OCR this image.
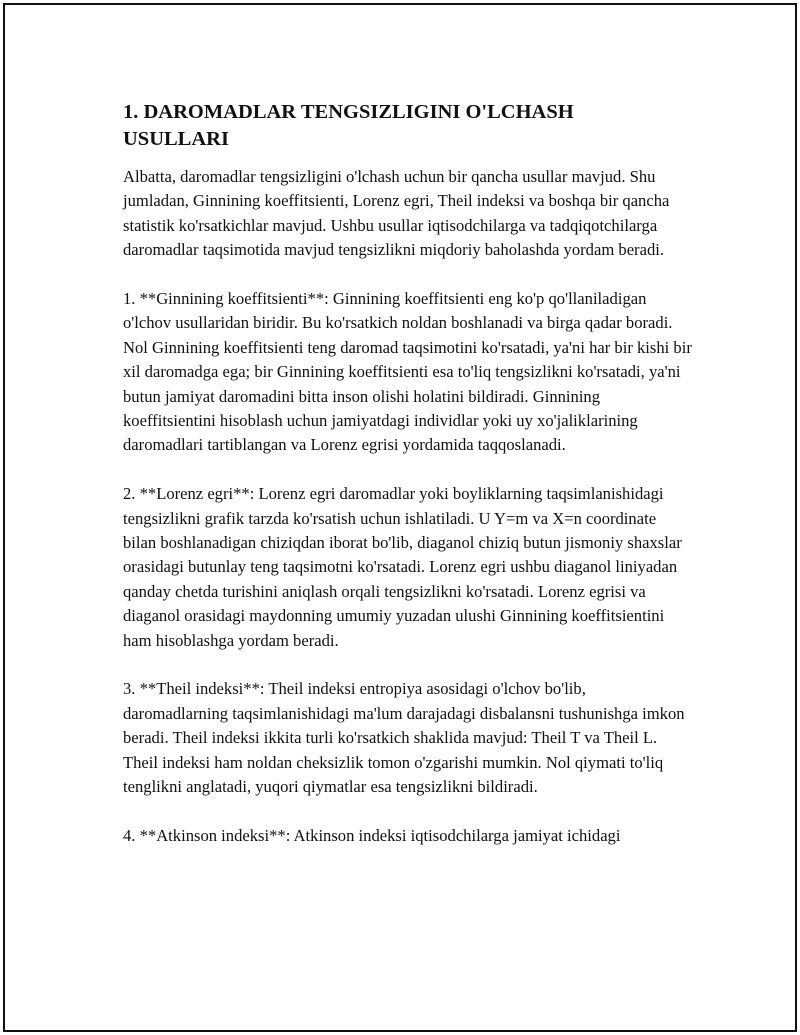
1. DAROMADLAR TENGSIZLIGINI O'LCHASH USULLARI

Albatta, daromadlar tengsizligini o'lchash uchun bir qancha usullar mavjud. Shu jumladan, Ginnining koeffitsienti, Lorenz egri, Theil indeksi va boshqa bir qancha statistik ko'rsatkichlar mavjud. Ushbu usullar iqtisodchilarga va tadqiqotchilarga daromadlar taqsimotida mavjud tengsizlikni miqdoriy baholashda yordam beradi.

1. **Ginnining koeffitsienti**: Ginnining koeffitsienti eng ko'p qo'llaniladigan o'lchov usullaridan biridir. Bu ko'rsatkich noldan boshlanadi va birga qadar boradi. Nol Ginnining koeffitsienti teng daromad taqsimotini ko'rsatadi, ya'ni har bir kishi bir xil daromadga ega; bir Ginnining koeffitsienti esa to'liq tengsizlikni ko'rsatadi, ya'ni butun jamiyat daromadini bitta inson olishi holatini bildiradi. Ginnining koeffitsientini hisoblash uchun jamiyatdagi individlar yoki uy xo'jaliklarining daromadlari tartiblangan va Lorenz egrisi yordamida taqqoslanadi.

2. **Lorenz egri**: Lorenz egri daromadlar yoki boyliklarning taqsimlanishidagi tengsizlikni grafik tarzda ko'rsatish uchun ishlatiladi. U Y=m va X=n coordinate bilan boshlanadigan chiziqdan iborat bo'lib, diaganol chiziq butun jismoniy shaxslar orasidagi butunlay teng taqsimotni ko'rsatadi. Lorenz egri ushbu diaganol liniyadan qanday chetda turishini aniqlash orqali tengsizlikni ko'rsatadi. Lorenz egrisi va diaganol orasidagi maydonning umumiy yuzadan ulushi Ginnining koeffitsientini ham hisoblashga yordam beradi.

3. **Theil indeksi**: Theil indeksi entropiya asosidagi o'lchov bo'lib, daromadlarning taqsimlanishidagi ma'lum darajadagi disbalansni tushunishga imkon beradi. Theil indeksi ikkita turli ko'rsatkich shaklida mavjud: Theil T va Theil L. Theil indeksi ham noldan cheksizlik tomon o'zgarishi mumkin. Nol qiymati to'liq tenglikni anglatadi, yuqori qiymatlar esa tengsizlikni bildiradi.

4. **Atkinson indeksi**: Atkinson indeksi iqtisodchilarga jamiyat ichidagi
